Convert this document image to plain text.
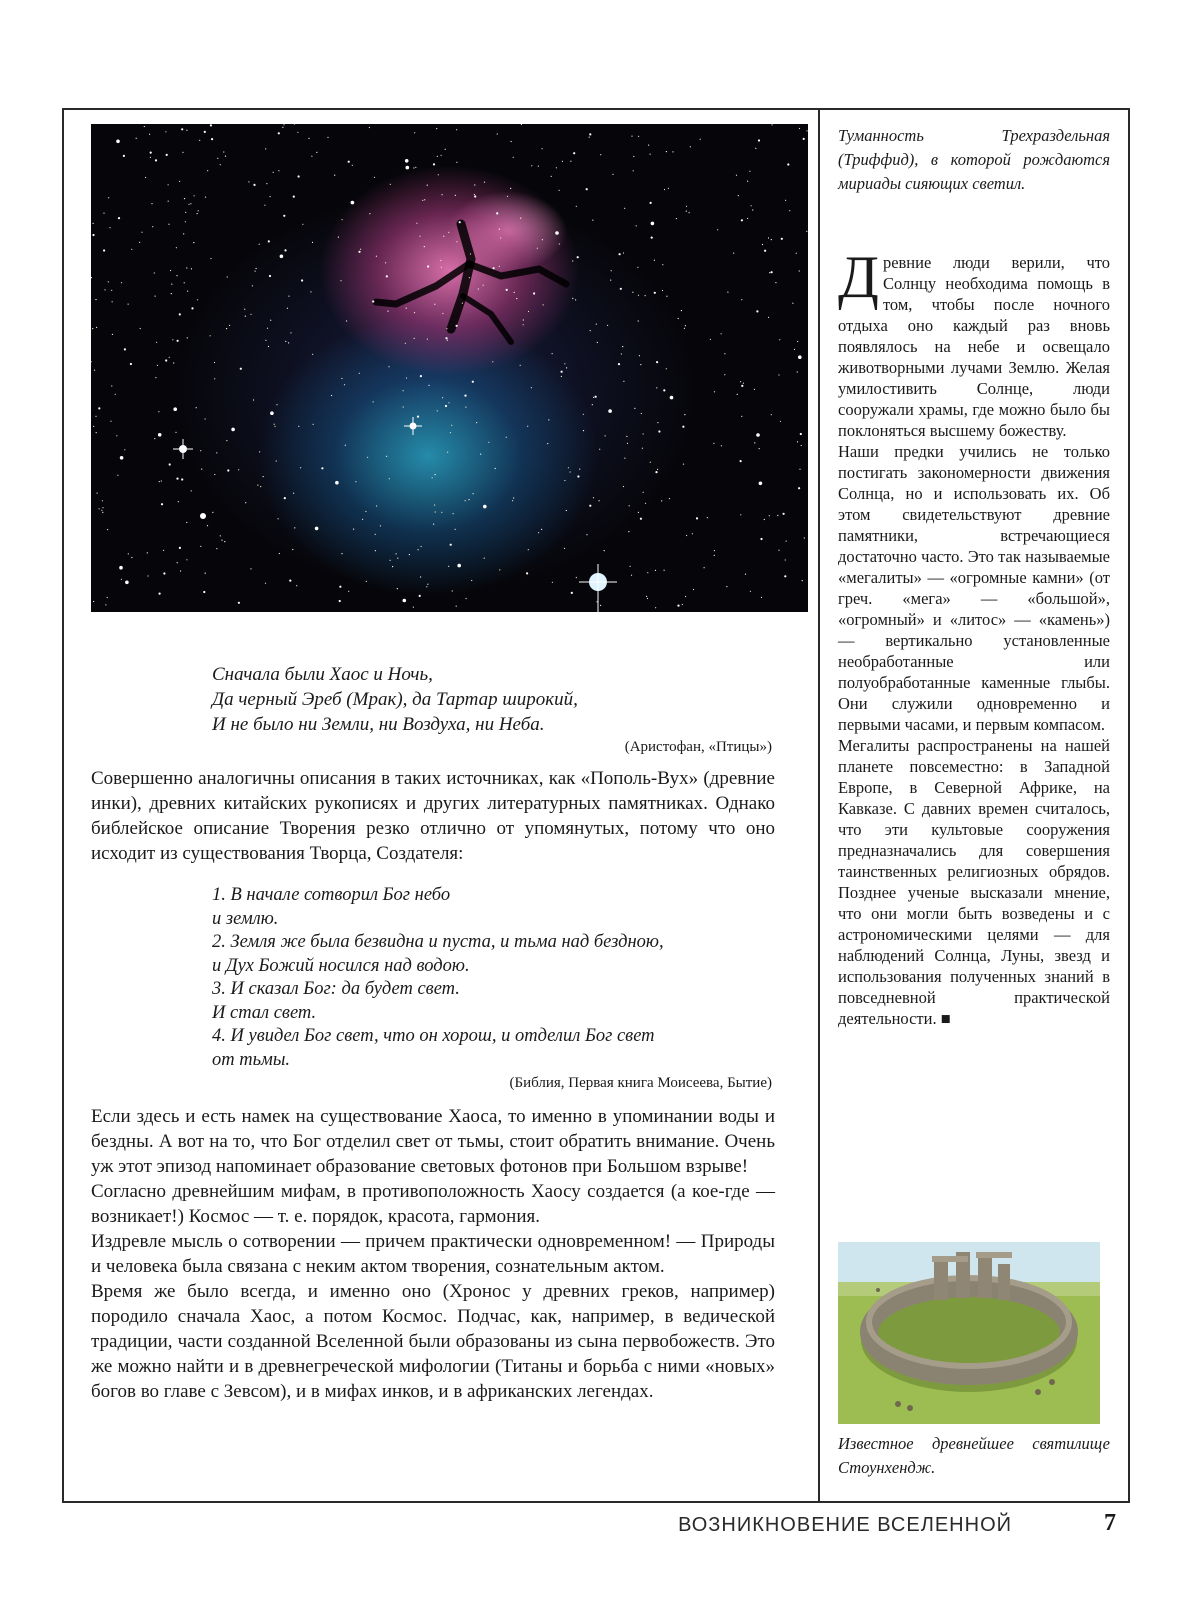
Туманность Трехраздельная (Триффид), в которой рождаются мириады сияющих светил.

Древние люди верили, что Солнцу необходима помощь в том, чтобы после ночного отдыха оно каждый раз вновь появлялось на небе и освещало животворными лучами Землю. Желая умилостивить Солнце, люди сооружали храмы, где можно было бы поклоняться высшему божеству.

Наши предки учились не только постигать закономерности движения Солнца, но и использовать их. Об этом свидетельствуют древние памятники, встречающиеся достаточно часто. Это так называемые «мегалиты» — «огромные камни» (от греч. «мега» — «большой», «огромный» и «литос» — «камень») — вертикально установленные необработанные или полуобработанные каменные глыбы. Они служили одновременно и первыми часами, и первым компасом.

Мегалиты распространены на нашей планете повсеместно: в Западной Европе, в Северной Африке, на Кавказе. С давних времен считалось, что эти культовые сооружения предназначались для совершения таинственных религиозных обрядов. Позднее ученые высказали мнение, что они могли быть возведены и с астрономическими целями — для наблюдений Солнца, Луны, звезд и использования полученных знаний в повседневной практической деятельности. ■

Известное древнейшее святилище Стоунхендж.
Сначала были Хаос и Ночь,
Да черный Эреб (Мрак), да Тартар широкий,
И не было ни Земли, ни Воздуха, ни Неба.
(Аристофан, «Птицы»)

Совершенно аналогичны описания в таких источниках, как «Пополь-Вух» (древние инки), древних китайских рукописях и других литературных памятниках. Однако библейское описание Творения резко отлично от упомянутых, потому что оно исходит из существования Творца, Создателя:

1. В начале сотворил Бог небо
и землю.
2. Земля же была безвидна и пуста, и тьма над бездною,
и Дух Божий носился над водою.
3. И сказал Бог: да будет свет.
И стал свет.
4. И увидел Бог свет, что он хорош, и отделил Бог свет
от тьмы.
(Библия, Первая книга Моисеева, Бытие)

Если здесь и есть намек на существование Хаоса, то именно в упоминании воды и бездны. А вот на то, что Бог отделил свет от тьмы, стоит обратить внимание. Очень уж этот эпизод напоминает образование световых фотонов при Большом взрыве!

Согласно древнейшим мифам, в противоположность Хаосу создается (а кое-где — возникает!) Космос — т. е. порядок, красота, гармония.

Издревле мысль о сотворении — причем практически одновременном! — Природы и человека была связана с неким актом творения, сознательным актом.

Время же было всегда, и именно оно (Хронос у древних греков, например) породило сначала Хаос, а потом Космос. Подчас, как, например, в ведической традиции, части созданной Вселенной были образованы из сына первобожеств. Это же можно найти и в древнегреческой мифологии (Титаны и борьба с ними «новых» богов во главе с Зевсом), и в мифах инков, и в африканских легендах.

ВОЗНИКНОВЕНИЕ ВСЕЛЕННОЙ	7
